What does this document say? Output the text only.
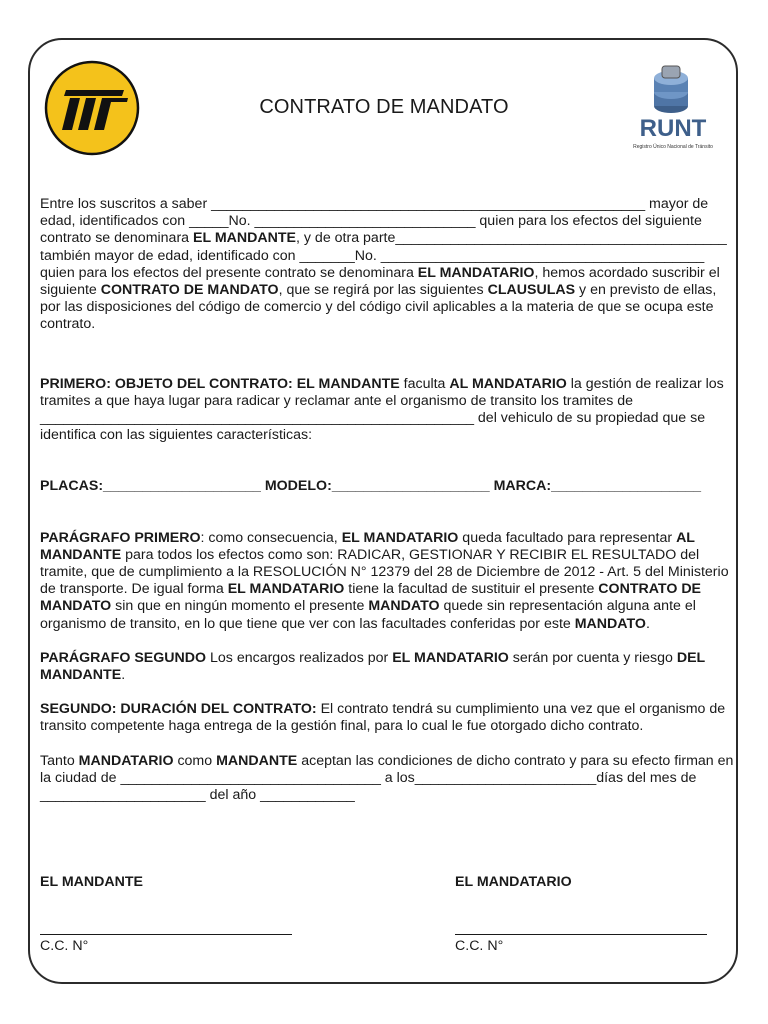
RUNT
Registro Único Nacional de Tránsito
CONTRATO DE MANDATO

Entre los suscritos a saber _______________________________________________________ mayor de edad, identificados con _____No. ____________________________ quien para los efectos del siguiente contrato se denominara EL MANDANTE, y de otra parte__________________________________________ también mayor de edad, identificado con _______No. _________________________________________ quien para los efectos del presente contrato se denominara EL MANDATARIO, hemos acordado suscribir el siguiente CONTRATO DE MANDATO, que se regirá por las siguientes CLAUSULAS y en previsto de ellas, por las disposiciones del código de comercio y del código civil aplicables a la materia de que se ocupa este contrato.

PRIMERO: OBJETO DEL CONTRATO: EL MANDANTE faculta AL MANDATARIO la gestión de realizar los tramites a que haya lugar para radicar y reclamar ante el organismo de transito los tramites de _______________________________________________________ del vehiculo de su propiedad que se identifica con las siguientes características:

PLACAS:____________________ MODELO:____________________ MARCA:___________________

PARÁGRAFO PRIMERO: como consecuencia, EL MANDATARIO queda facultado para representar AL MANDANTE para todos los efectos como son: RADICAR, GESTIONAR Y RECIBIR EL RESULTADO del tramite, que de cumplimiento a la RESOLUCIÓN N° 12379 del 28 de Diciembre de 2012 - Art. 5 del Ministerio de transporte. De igual forma EL MANDATARIO tiene la facultad de sustituir el presente CONTRATO DE MANDATO sin que en ningún momento el presente MANDATO quede sin representación alguna ante el organismo de transito, en lo que tiene que ver con las facultades conferidas por este MANDATO.

PARÁGRAFO SEGUNDO Los encargos realizados por EL MANDATARIO serán por cuenta y riesgo DEL MANDANTE.

SEGUNDO: DURACIÓN DEL CONTRATO: El contrato tendrá su cumplimiento una vez que el organismo de transito competente haga entrega de la gestión final, para lo cual le fue otorgado dicho contrato.

Tanto MANDATARIO como MANDANTE aceptan las condiciones de dicho contrato y para su efecto firman en la ciudad de _________________________________ a los_______________________días del mes de _____________________ del año ____________

EL MANDANTE
C.C. N°
EL MANDATARIO
C.C. N°
